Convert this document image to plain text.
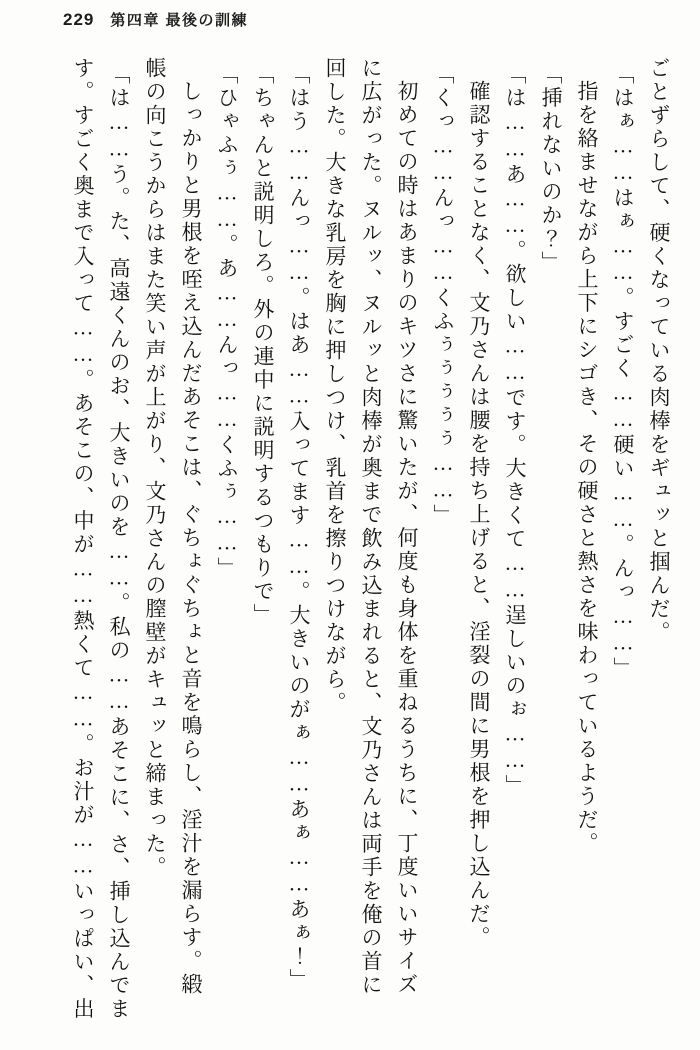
229 第四章 最後の訓練
ごとずらして、硬くなっている肉棒をギュッと掴んだ。
「はぁ……はぁ……。すごく……硬い……。んっ……」
指を絡ませながら上下にシゴき、その硬さと熱さを味わっているようだ。
「挿れないのか？」
「は……あ……。欲しい……です。大きくて……逞しいのぉ……」
確認することなく、文乃さんは腰を持ち上げると、淫裂の間に男根を押し込んだ。
「くっ……んっ……くふぅぅぅぅぅ……」
初めての時はあまりのキツさに驚いたが、何度も身体を重ねるうちに、丁度いいサイズ
に広がった。ヌルッ、ヌルッと肉棒が奥まで飲み込まれると、文乃さんは両手を俺の首に
回した。大きな乳房を胸に押しつけ、乳首を擦りつけながら。
「はう……んっ……。はあ……入ってます……。大きいのがぁ……あぁ……あぁ！」
「ちゃんと説明しろ。外の連中に説明するつもりで」
「ひゃふぅ……。あ……んっ……くふぅ……」
しっかりと男根を咥え込んだあそこは、ぐちょぐちょと音を鳴らし、淫汁を漏らす。緞
帳の向こうからはまた笑い声が上がり、文乃さんの膣壁がキュッと締まった。
「は……う。た、高遠くんのお、大きいのを……。私の……あそこに、さ、挿し込んでま
す。すごく奥まで入って……。あそこの、中が……熱くて……。お汁が……いっぱい、出
